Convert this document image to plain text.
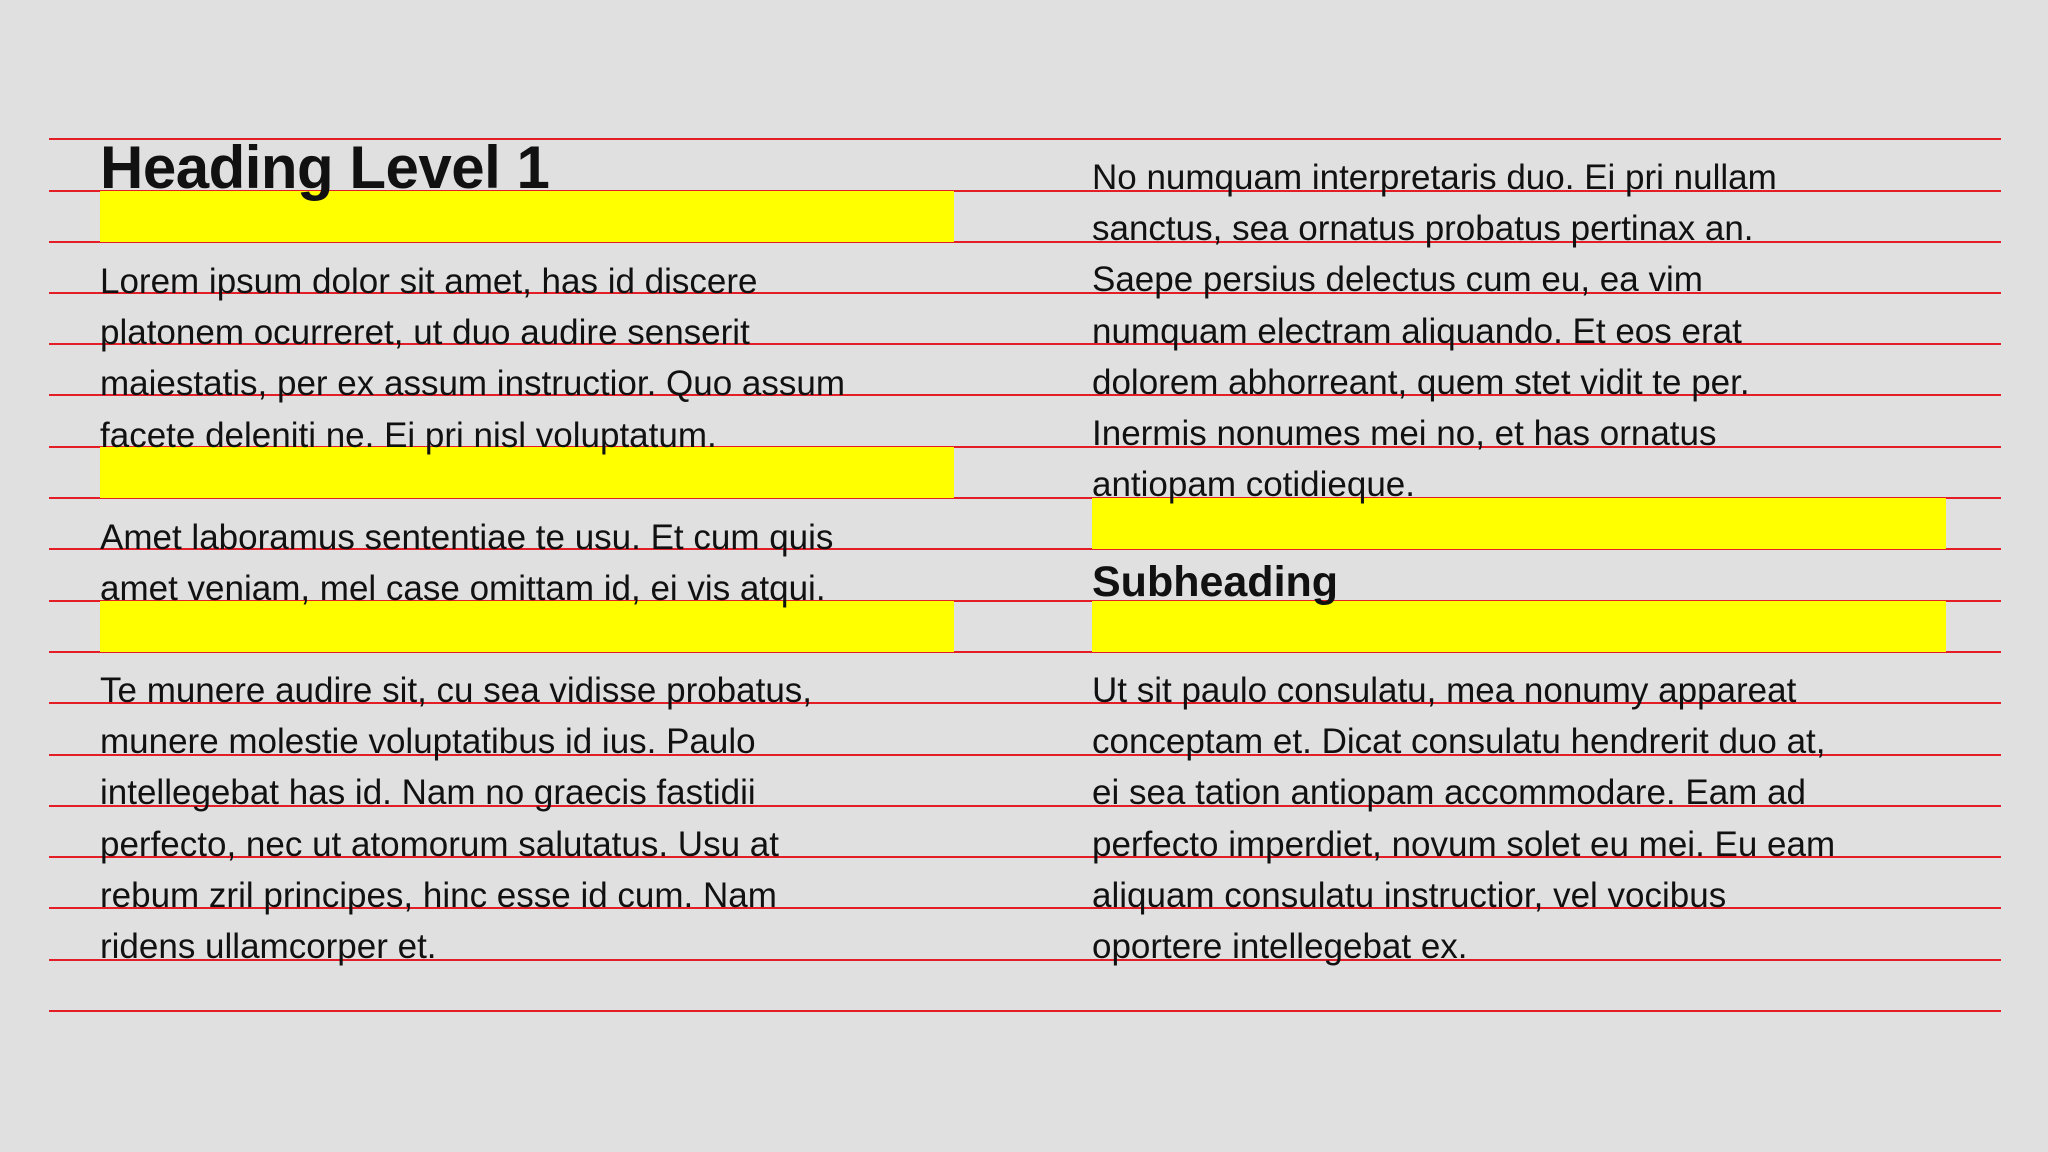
Heading Level 1

Lorem ipsum dolor sit amet, has id discere
platonem ocurreret, ut duo audire senserit
maiestatis, per ex assum instructior. Quo assum
facete deleniti ne. Ei pri nisl voluptatum.

Amet laboramus sententiae te usu. Et cum quis
amet veniam, mel case omittam id, ei vis atqui.

Te munere audire sit, cu sea vidisse probatus,
munere molestie voluptatibus id ius. Paulo
intellegebat has id. Nam no graecis fastidii
perfecto, nec ut atomorum salutatus. Usu at
rebum zril principes, hinc esse id cum. Nam
ridens ullamcorper et.

No numquam interpretaris duo. Ei pri nullam
sanctus, sea ornatus probatus pertinax an.
Saepe persius delectus cum eu, ea vim
numquam electram aliquando. Et eos erat
dolorem abhorreant, quem stet vidit te per.
Inermis nonumes mei no, et has ornatus
antiopam cotidieque.

Subheading

Ut sit paulo consulatu, mea nonumy appareat
conceptam et. Dicat consulatu hendrerit duo at,
ei sea tation antiopam accommodare. Eam ad
perfecto imperdiet, novum solet eu mei. Eu eam
aliquam consulatu instructior, vel vocibus
oportere intellegebat ex.
